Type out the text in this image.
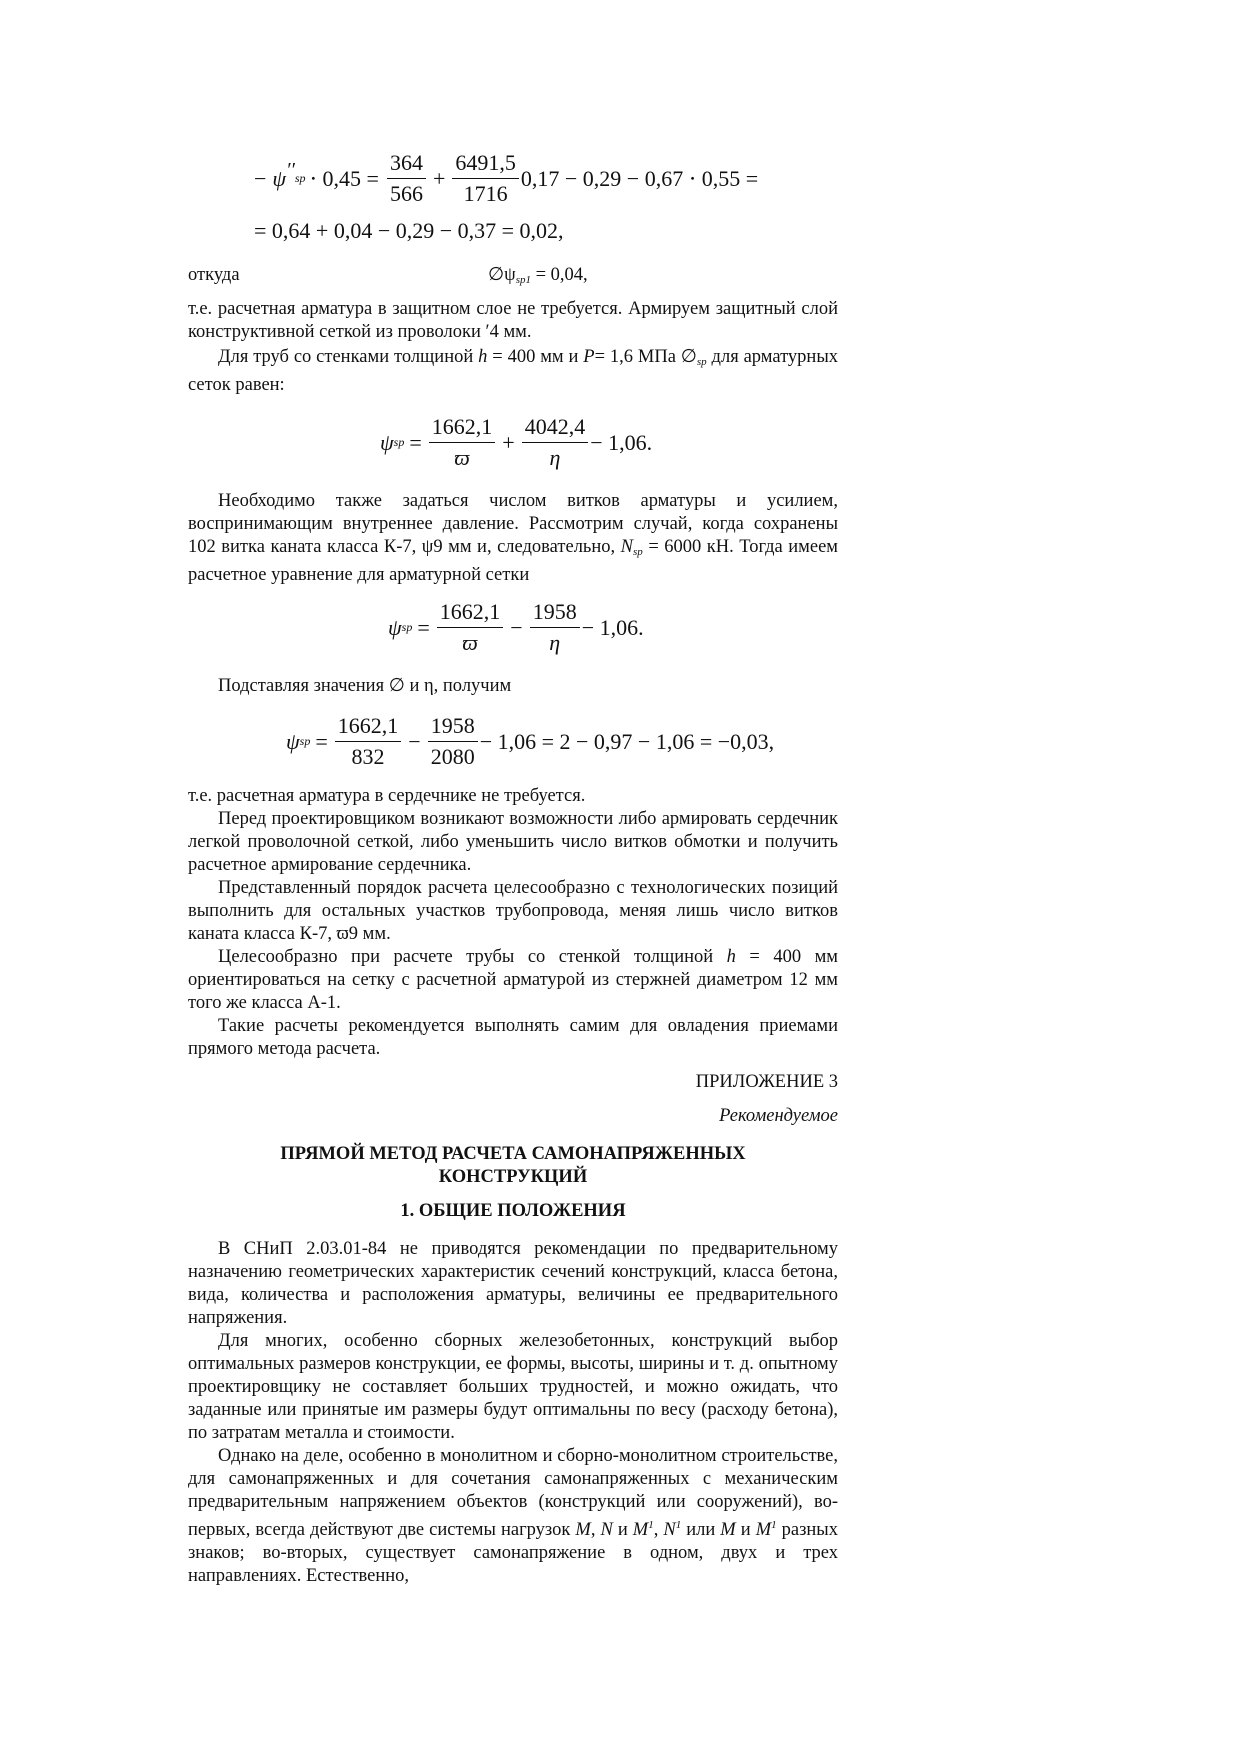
− ψ $''_{sp} \cdot 0,45 = \frac{364}{566} + \frac{6491,5}{1716} 0,17 - 0,29 - 0,67 \cdot 0,55$ =
= 0,64 + 0,04 − 0,29 − 0,37 = 0,02,
откуда	$\emptyset\psi_{sp1} = 0,04$,

т.е. расчетная арматура в защитном слое не требуется. Армируем защитный слой конструктивной сеткой из проволоки ′4 мм.

Для труб со стенками толщиной h = 400 мм и P= 1,6 МПа $\emptyset_{sp}$ для арматурных сеток равен:

ψ sp = $\frac{1662,1}{ϖ} + \frac{4042,4}{\eta} - 1,06$.

Необходимо также задаться числом витков арматуры и усилием, воспринимающим внутреннее давление. Рассмотрим случай, когда сохранены 102 витка каната класса К-7, ψ9 мм и, следовательно, $N_{sp} = 6000$ кН. Тогда имеем расчетное уравнение для арматурной сетки

ψ sp = $\frac{1662,1}{ϖ} - \frac{1958}{\eta} - 1,06$.
Подставляя значения ∅ и η, получим
ψ sp = $\frac{1662,1}{832} - \frac{1958}{2080} - 1,06 = 2 - 0,97 - 1,06 = -0,03$,

т.е. расчетная арматура в сердечнике не требуется.

Перед проектировщиком возникают возможности либо армировать сердечник легкой проволочной сеткой, либо уменьшить число витков обмотки и получить расчетное армирование сердечника.

Представленный порядок расчета целесообразно с технологических позиций выполнить для остальных участков трубопровода, меняя лишь число витков каната класса К-7, ϖ9 мм.

Целесообразно при расчете трубы со стенкой толщиной h = 400 мм ориентироваться на сетку с расчетной арматурой из стержней диаметром 12 мм того же класса А-1.

Такие расчеты рекомендуется выполнять самим для овладения приемами прямого метода расчета.

ПРИЛОЖЕНИЕ 3
Рекомендуемое
ПРЯМОЙ МЕТОД РАСЧЕТА САМОНАПРЯЖЕННЫХ
КОНСТРУКЦИЙ
1. ОБЩИЕ ПОЛОЖЕНИЯ

В СНиП 2.03.01-84 не приводятся рекомендации по предварительному назначению геометрических характеристик сечений конструкций, класса бетона, вида, количества и расположения арматуры, величины ее предварительного напряжения.

Для многих, особенно сборных железобетонных, конструкций выбор оптимальных размеров конструкции, ее формы, высоты, ширины и т. д. опытному проектировщику не составляет больших трудностей, и можно ожидать, что заданные или принятые им размеры будут оптимальны по весу (расходу бетона), по затратам металла и стоимости.

Однако на деле, особенно в монолитном и сборно-монолитном строительстве, для самонапряженных и для сочетания самонапряженных с механическим предварительным напряжением объектов (конструкций или сооружений), во-первых, всегда действуют две системы нагрузок M, N и $M^1$, $N^1$ или M и $M^1$ разных знаков; во-вторых, существует самонапряжение в одном, двух и трех направлениях. Естественно,
